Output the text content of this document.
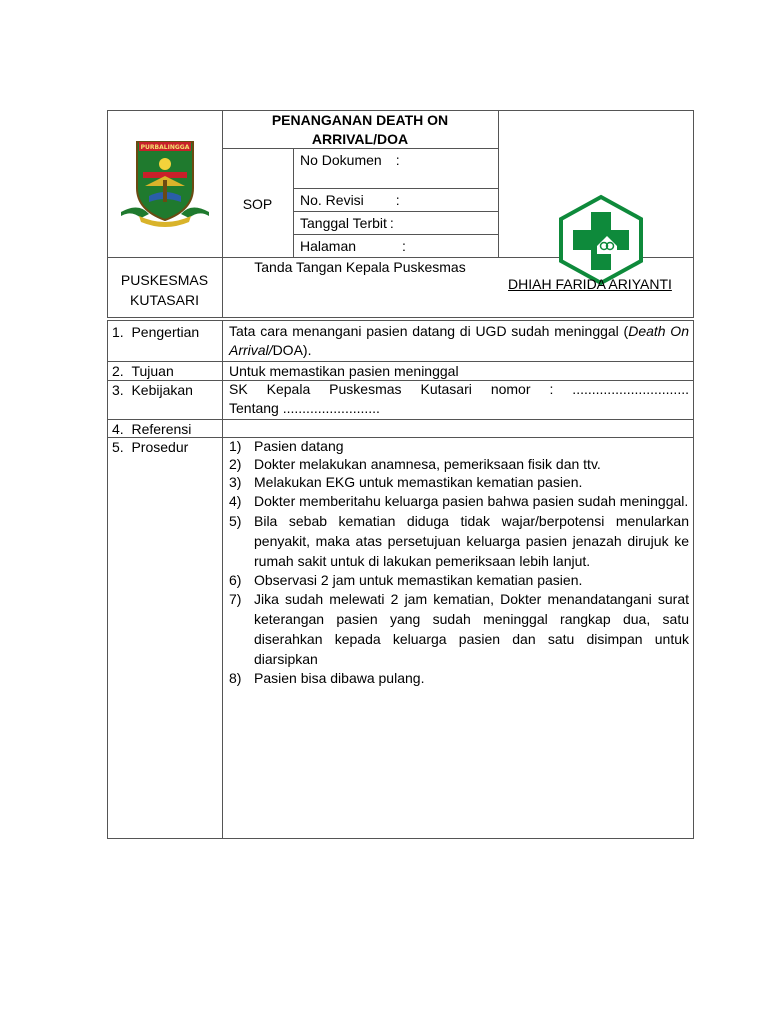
PURBALINGGA
PENANGANAN DEATH ON
ARRIVAL/DOA
SOP
No Dokumen :
No. Revisi :
Tanggal Terbit :
Halaman	:
PUSKESMAS
KUTASARI
Tanda Tangan Kepala Puskesmas
DHIAH FARIDA ARIYANTI
1. Pengertian
2. Tujuan
3. Kebijakan
4. Referensi
5. Prosedur
Tata cara menangani pasien datang di UGD sudah meninggal (Death On Arrival/DOA).
Untuk memastikan pasien meninggal
SK Kepala Puskesmas Kutasari nomor : ..............................
Tentang .........................
1) Pasien datang
2) Dokter melakukan anamnesa, pemeriksaan fisik dan ttv.
3) Melakukan EKG untuk memastikan kematian pasien.
4) Dokter memberitahu keluarga pasien bahwa pasien sudah meninggal.
5) Bila sebab kematian diduga tidak wajar/berpotensi menularkan penyakit, maka atas persetujuan keluarga pasien jenazah dirujuk ke rumah sakit untuk di lakukan pemeriksaan lebih lanjut.
6) Observasi 2 jam untuk memastikan kematian pasien.
7) Jika sudah melewati 2 jam kematian, Dokter menandatangani surat keterangan pasien yang sudah meninggal rangkap dua, satu diserahkan kepada keluarga pasien dan satu disimpan untuk diarsipkan
8) Pasien bisa dibawa pulang.
